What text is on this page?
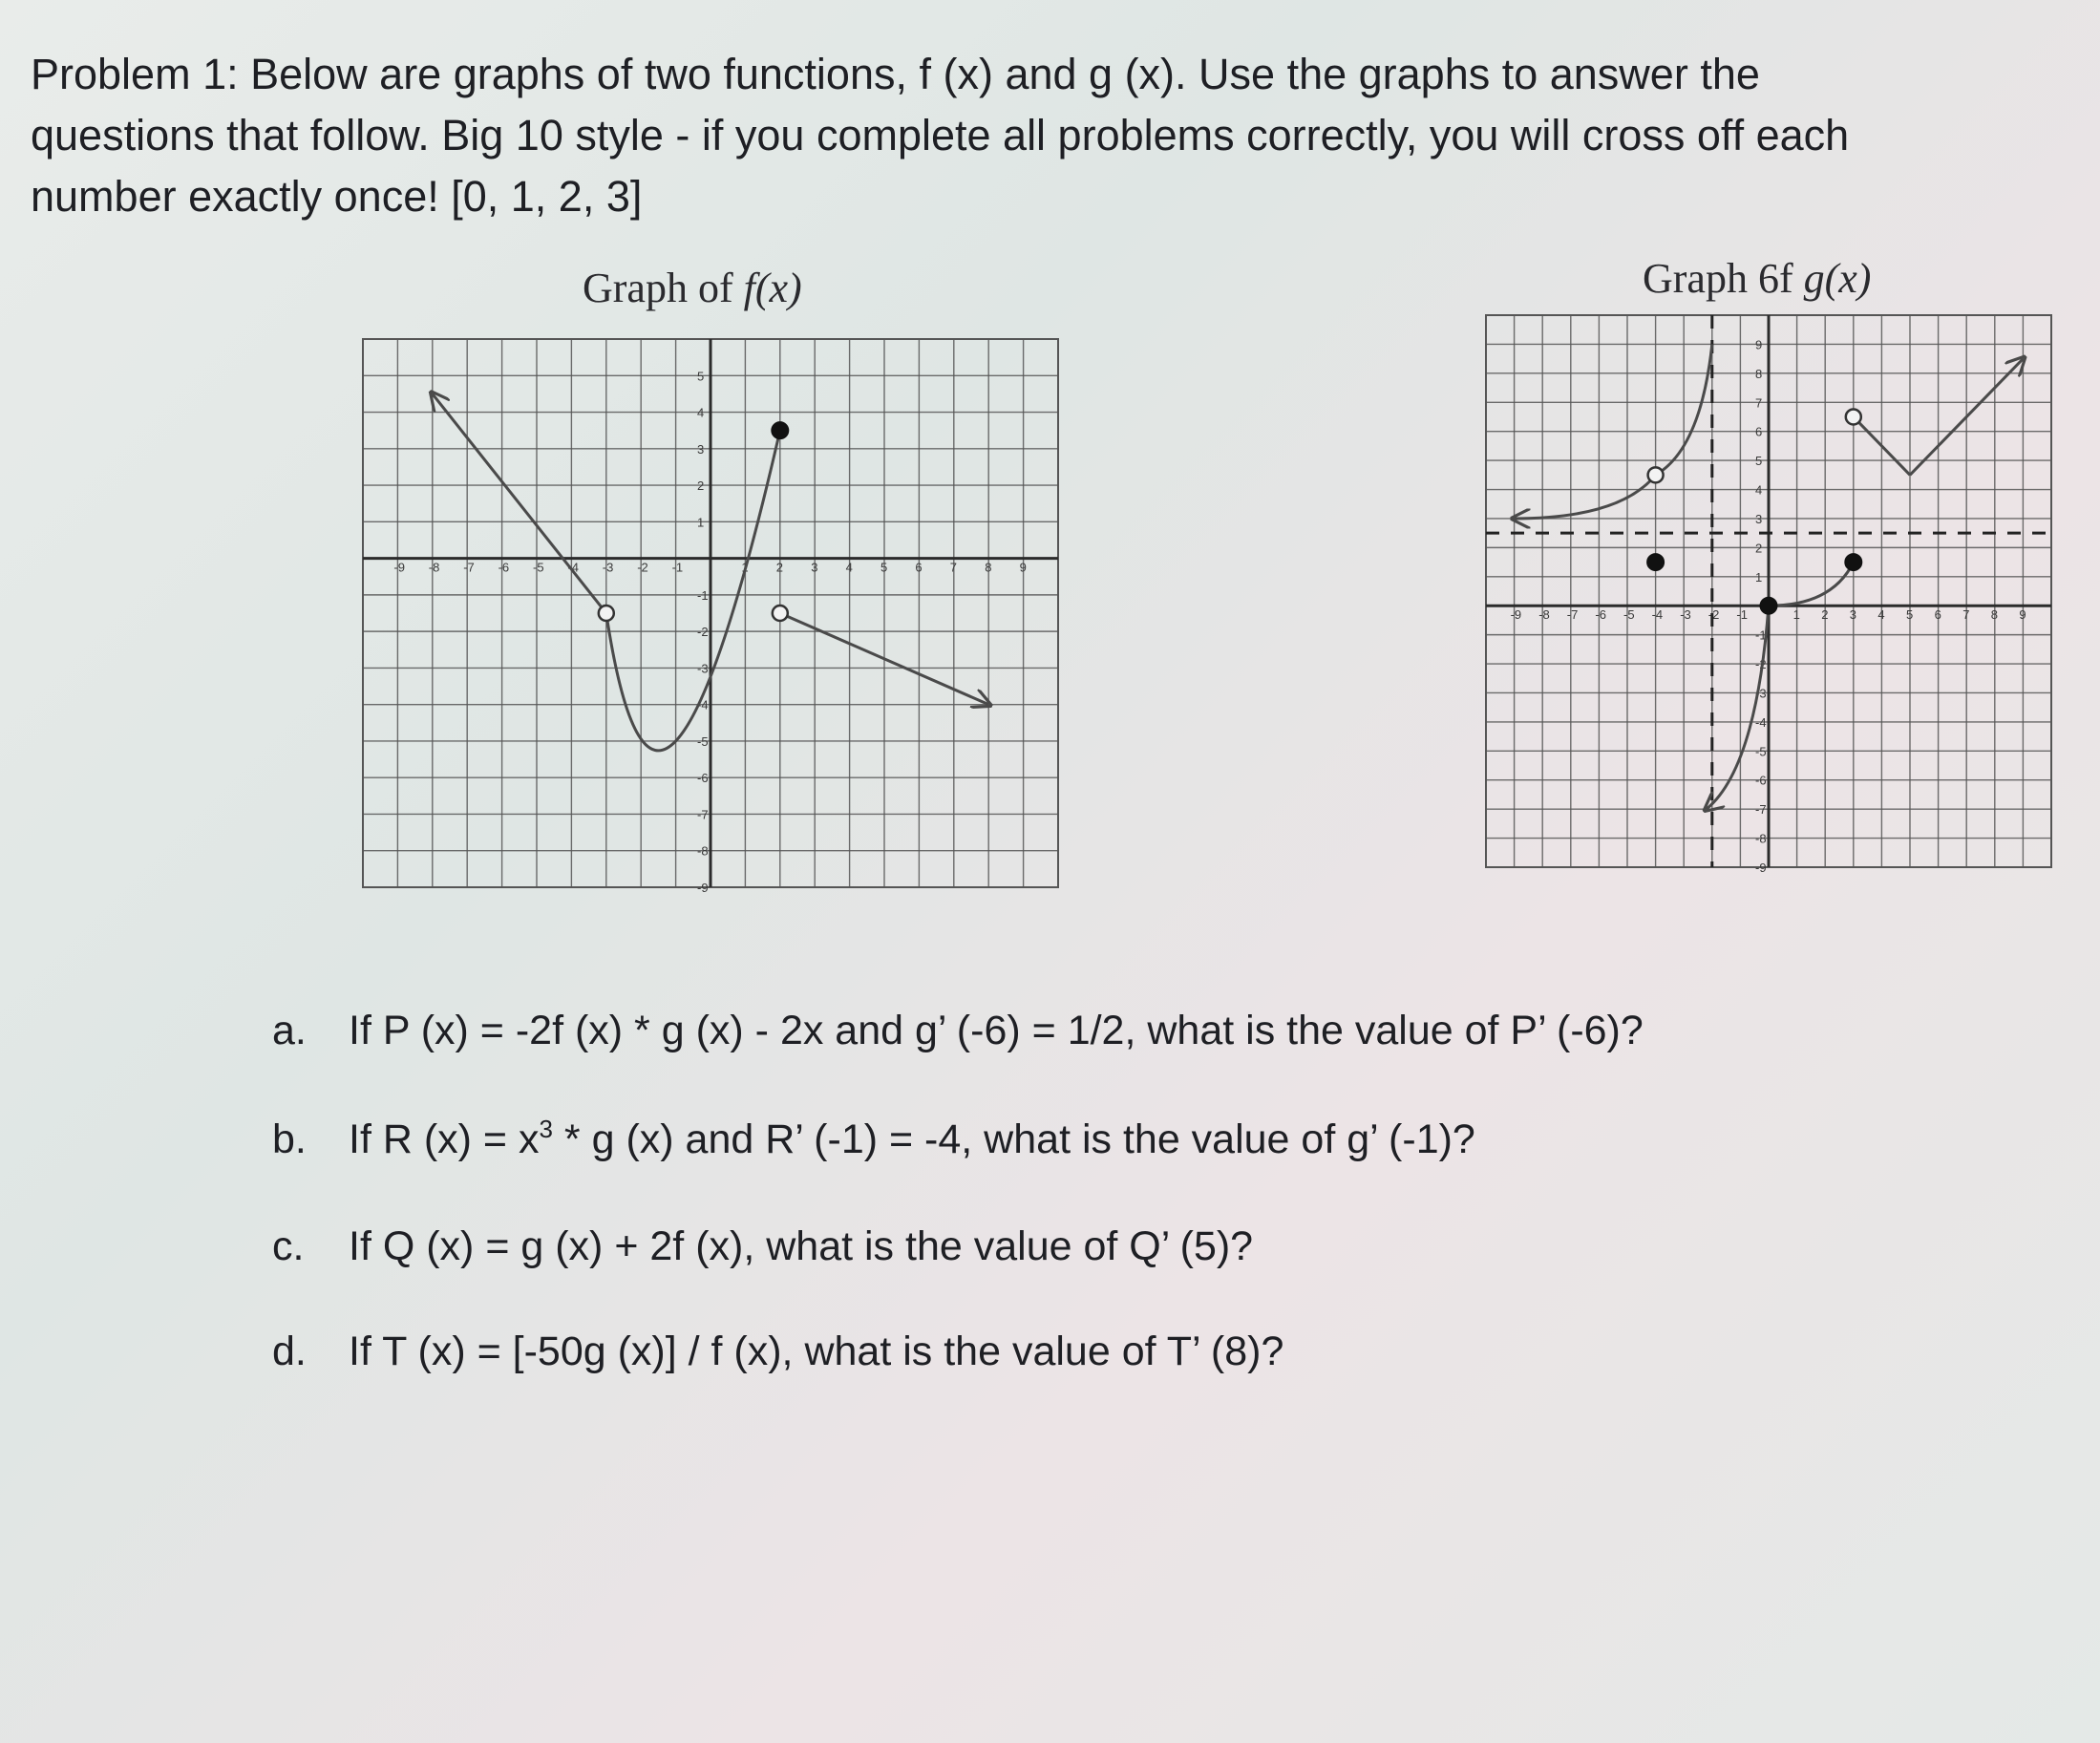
Problem 1: Below are graphs of two functions, f (x) and g (x). Use the graphs to answer the
questions that follow. Big 10 style - if you complete all problems correctly, you will cross off each
number exactly once! [0, 1, 2, 3]

Graph of f(x)
-9 -8 -7 -6 -5 -4 -3 -2 -1	1 2 3 4 5 6 7 8 9
5
4
3
2
1
-1
-2
-3
-4
-5
-6
-7
-8
-9
Graph 6f g(x)
-9 -8 -7 -6 -5 -4 -3 -2 -1	1 2 3 4 5 6 7 8 9
9
8
7
6
5
4
3
2
1
-1
-2
-3
-4
-5
-6
-7
-8
-9
a. If P (x) = -2f (x) * g (x) - 2x and g’ (-6) = 1/2, what is the value of P’ (-6)?
b. If R $(x) = x^3 * g$ (x) and R’ (-1) = -4, what is the value of g’ (-1)?
c. If Q (x) = g (x) + 2f (x), what is the value of Q’ (5)?
d. If T (x) = [-50g (x)] / f (x), what is the value of T’ (8)?
